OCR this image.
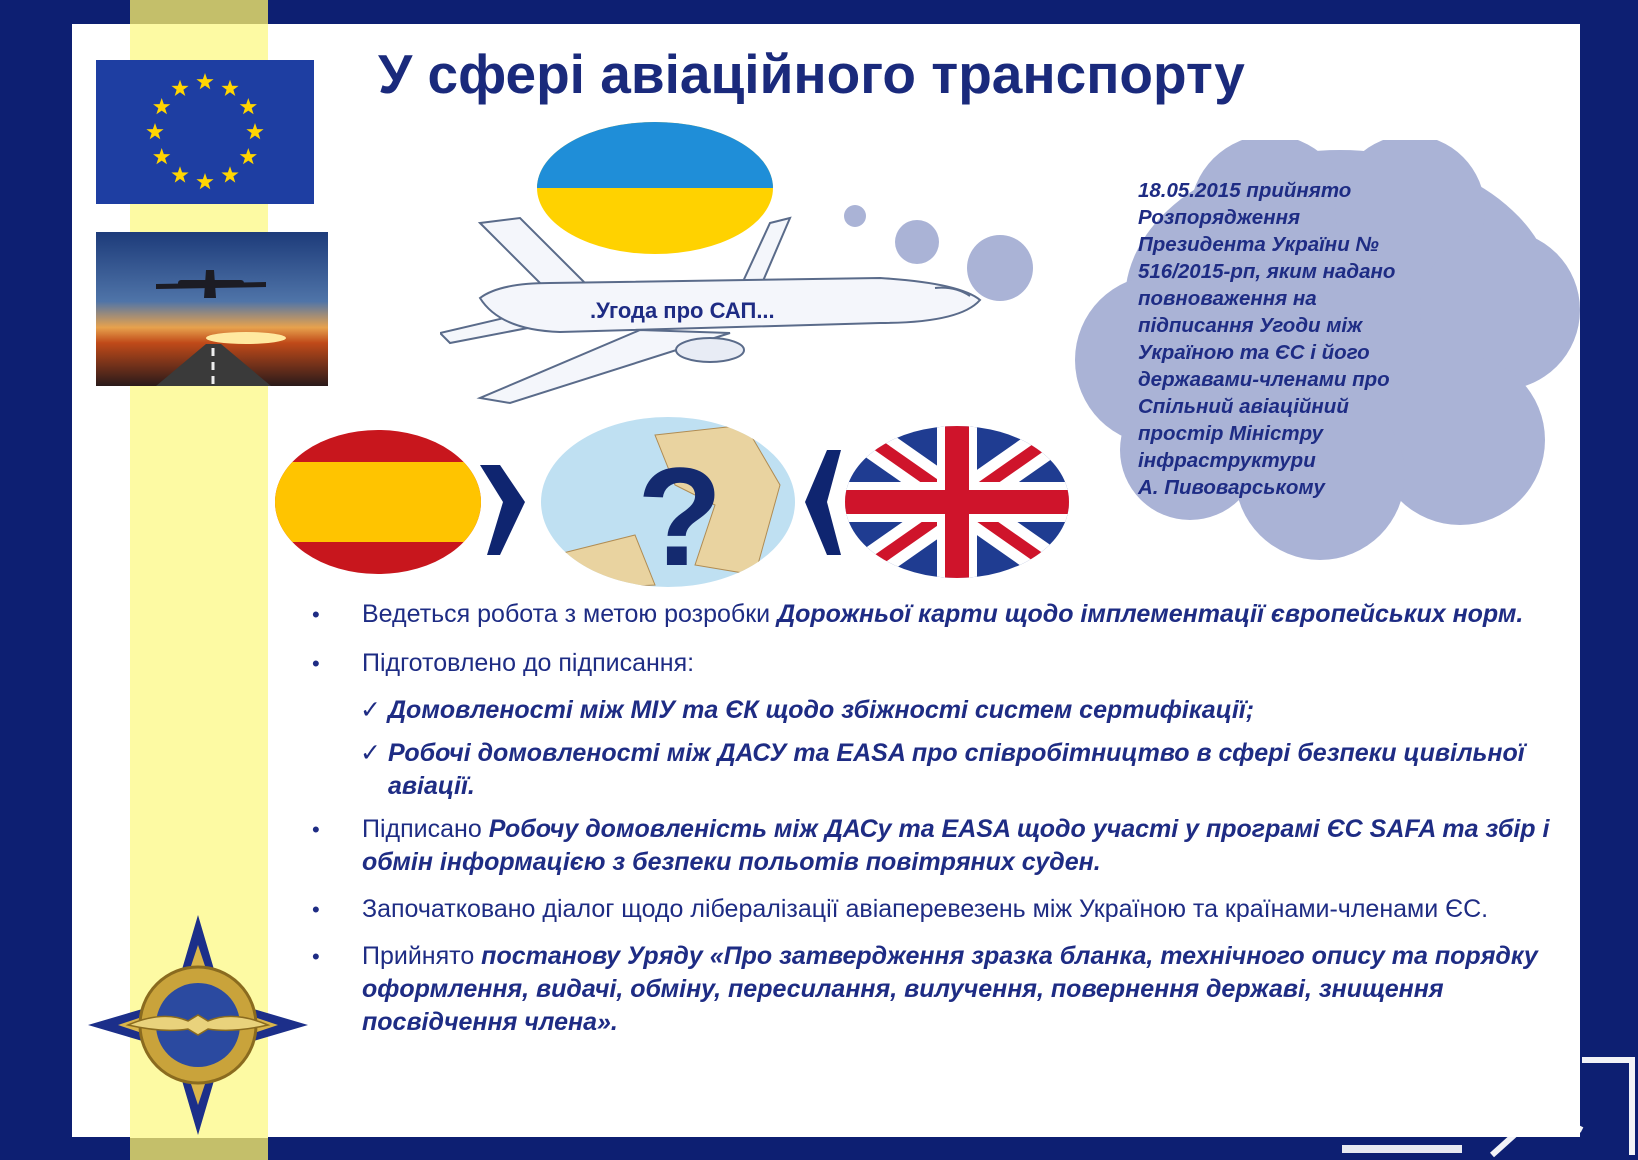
У сфері авіаційного транспорту
.Угода про САП...
?
18.05.2015 прийнято
Розпорядження
Президента України №
516/2015-рп, яким надано
повноваження на
підписання Угоди між
Україною та ЄС і його
державами-членами про
Спільний авіаційний
простір Міністру
інфраструктури
А. Пивоварському
• Ведеться робота з метою розробки Дорожньої карти щодо імплементації європейських норм.
• Підготовлено до підписання:
✓ Домовленості між МІУ та ЄК щодо збіжності систем сертифікації;
✓ Робочі домовленості між ДАСУ та EASA про співробітництво в сфері безпеки цивільної авіації.
• Підписано Робочу домовленість між ДАСу та EASA щодо участі у програмі ЄС SAFA та збір і обмін інформацією з безпеки польотів повітряних суден.
• Започатковано діалог щодо лібералізації авіаперевезень між Україною та країнами-членами ЄС.
• Прийнято постанову Уряду «Про затвердження зразка бланка, технічного опису та порядку оформлення, видачі, обміну, пересилання, вилучення, повернення державі, знищення посвідчення члена».
